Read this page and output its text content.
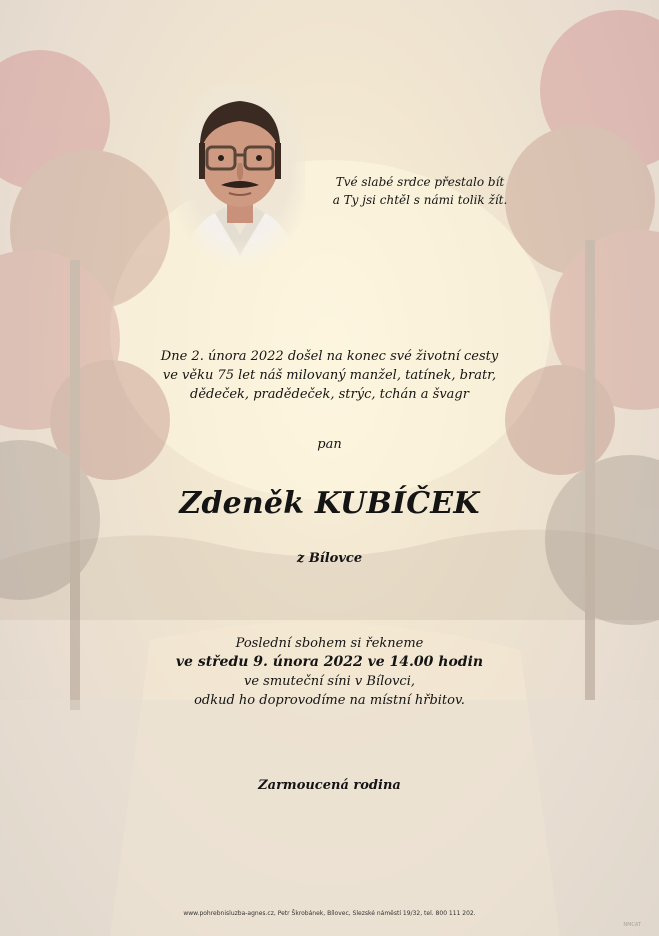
Tvé slabé srdce přestalo bít
a Ty jsi chtěl s námi tolik žít.
Dne 2. února 2022 došel na konec své životní cesty
ve věku 75 let náš milovaný manžel, tatínek, bratr,
dědeček, pradědeček, strýc, tchán a švagr
pan
Zdeněk KUBÍČEK
z Bílovce
Poslední sbohem si řekneme
ve středu 9. února 2022 ve 14.00 hodin
ve smuteční síni v Bílovci,
odkud ho doprovodíme na místní hřbitov.
Zarmoucená rodina
www.pohrebnisluzba-agnes.cz, Petr Škrobánek, Bílovec, Slezské náměstí 19/32, tel. 800 111 202.
NMCAT
